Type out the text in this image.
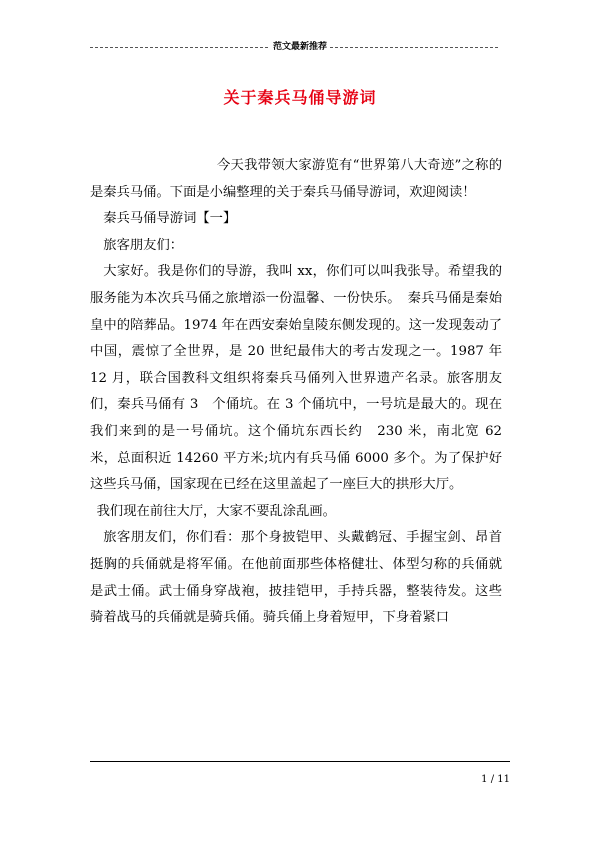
范文最新推荐
关于秦兵马俑导游词

今天我带领大家游览有“世界第八大奇迹”之称的是秦兵马俑。下面是小编整理的关于秦兵马俑导游词，欢迎阅读！

秦兵马俑导游词【一】

旅客朋友们：

大家好。我是你们的导游，我叫 xx，你们可以叫我张导。希望我的服务能为本次兵马俑之旅增添一份温馨、一份快乐。　秦兵马俑是秦始皇中的陪葬品。1974 年在西安秦始皇陵东侧发现的。这一发现轰动了中国，震惊了全世界，是 20 世纪最伟大的考古发现之一。1987 年 12 月，联合国教科文组织将秦兵马俑列入世界遗产名录。旅客朋友们，秦兵马俑有 3　个俑坑。在 3 个俑坑中，一号坑是最大的。现在我们来到的是一号俑坑。这个俑坑东西长约　230 米，南北宽 62 米，总面积近 14260 平方米;坑内有兵马俑 6000 多个。为了保护好这些兵马俑，国家现在已经在这里盖起了一座巨大的拱形大厅。

我们现在前往大厅，大家不要乱涂乱画。

旅客朋友们，你们看：那个身披铠甲、头戴鹤冠、手握宝剑、昂首挺胸的兵俑就是将军俑。在他前面那些体格健壮、体型匀称的兵俑就是武士俑。武士俑身穿战袍，披挂铠甲，手持兵器，整装待发。这些骑着战马的兵俑就是骑兵俑。骑兵俑上身着短甲，下身着紧口

1 / 11
